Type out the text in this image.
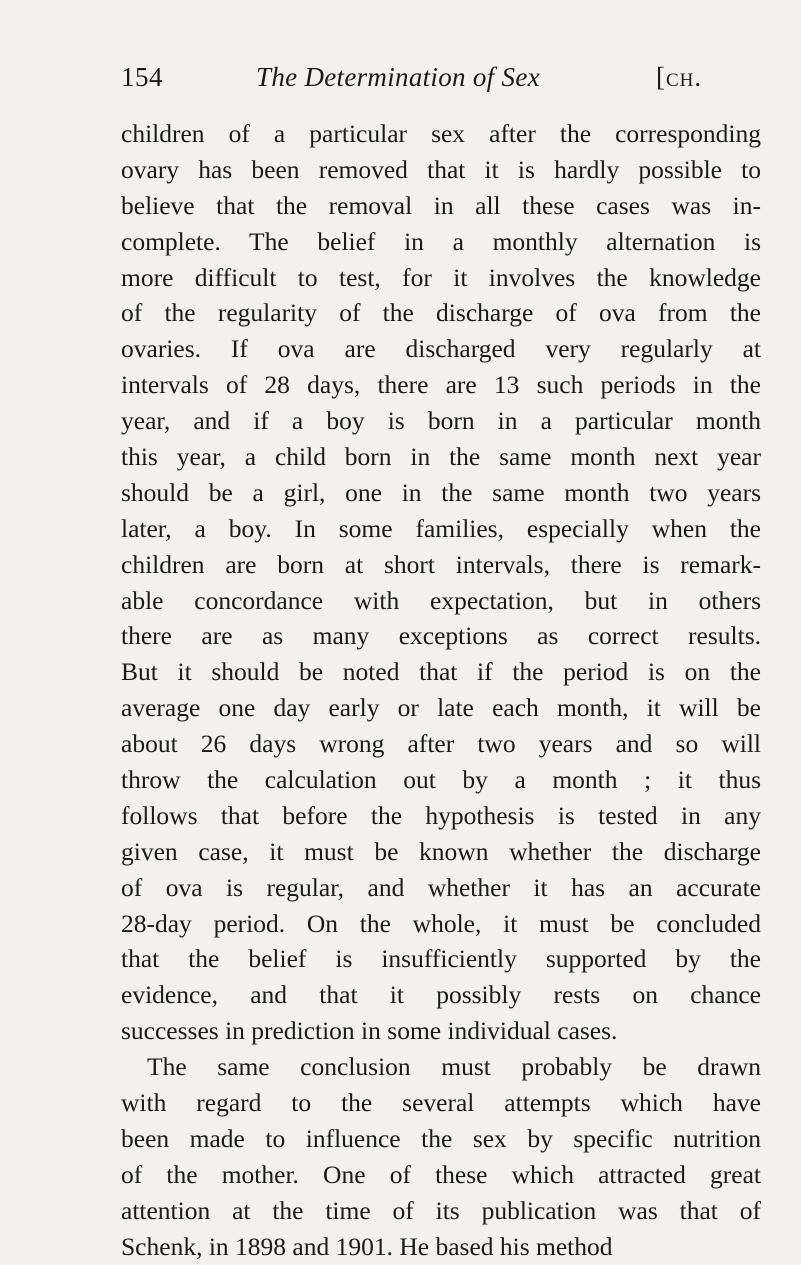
154	The Determination of Sex	[ch.
children of a particular sex after the corresponding
ovary has been removed that it is hardly possible to
believe that the removal in all these cases was in-
complete. The belief in a monthly alternation is
more difficult to test, for it involves the knowledge
of the regularity of the discharge of ova from the
ovaries. If ova are discharged very regularly at
intervals of 28 days, there are 13 such periods in the
year, and if a boy is born in a particular month
this year, a child born in the same month next year
should be a girl, one in the same month two years
later, a boy. In some families, especially when the
children are born at short intervals, there is remark-
able concordance with expectation, but in others
there are as many exceptions as correct results.
But it should be noted that if the period is on the
average one day early or late each month, it will be
about 26 days wrong after two years and so will
throw the calculation out by a month ; it thus
follows that before the hypothesis is tested in any
given case, it must be known whether the discharge
of ova is regular, and whether it has an accurate
28-day period. On the whole, it must be concluded
that the belief is insufficiently supported by the
evidence, and that it possibly rests on chance
successes in prediction in some individual cases.
The same conclusion must probably be drawn
with regard to the several attempts which have
been made to influence the sex by specific nutrition
of the mother. One of these which attracted great
attention at the time of its publication was that of
Schenk, in 1898 and 1901. He based his method
